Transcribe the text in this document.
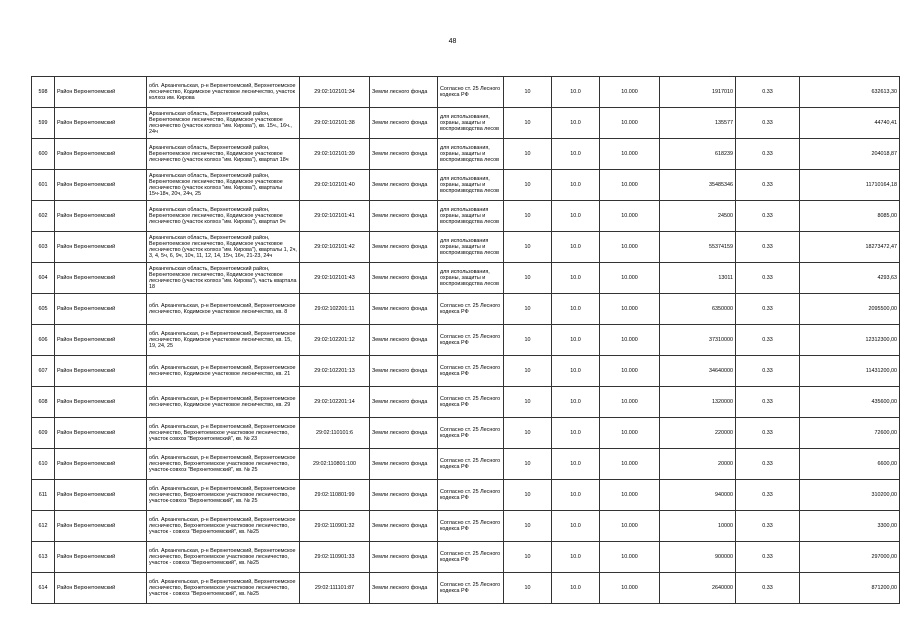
48
598	Район Верхнетоемский	обл. Архангельская, р-н Верхнетоемский, Верхнетоемское лесничество, Кодимское участковое лесничество, участок колхоз им. Кирова	29:02:102101:34	Земли лесного фонда	Согласно ст. 25 Лесного кодекса РФ	10	10.0	10.000	1917010	0.33	632613,30
599	Район Верхнетоемский	Архангельская область, Верхнетоемский район, Верхнетоемское лесничество, Кодимское участковое лесничество (участок колхоз "им. Кирова"), кв. 15ч., 16ч., 24ч	29:02:102101:38	Земли лесного фонда	для использования, охраны, защиты и воспроизводства лесов	10	10.0	10.000	135577	0.33	44740,41
600	Район Верхнетоемский	Архангельская область, Верхнетоемский район, Верхнетоемское лесничество, Кодимское участковое лесничество (участок колхоз "им. Кирова"), квартал 18ч	29:02:102101:39	Земли лесного фонда	для использования, охраны, защиты и воспроизводства лесов	10	10.0	10.000	618239	0.33	204018,87
601	Район Верхнетоемский	Архангельская область, Верхнетоемский район, Верхнетоемское лесничество, Кодимское участковое лесничество (участок колхоз "им. Кирова"), кварталы 15ч-18ч, 20ч, 24ч, 25	29:02:102101:40	Земли лесного фонда	для использования, охраны, защиты и воспроизводства лесов	10	10.0	10.000	35485346	0.33	11710164,18
602	Район Верхнетоемский	Архангельская область, Верхнетоемский район, Верхнетоемское лесничество, Кодимское участковое лесничество (участок колхоз "им. Кирова"), квартал 9ч	29:02:102101:41	Земли лесного фонда	для использования охраны, защиты и воспроизводства лесов	10	10.0	10.000	24500	0.33	8085,00
603	Район Верхнетоемский	Архангельская область, Верхнетоемский район, Верхнетоемское лесничество, Кодимское участковое лесничество (участок колхоз "им. Кирова"), кварталы 1, 2ч, 3, 4, 5ч, 6, 9ч, 10ч, 11, 12, 14, 15ч, 16ч, 21-23, 24ч	29:02:102101:42	Земли лесного фонда	для использования охраны, защиты и воспроизводства лесов	10	10.0	10.000	55374159	0.33	18273472,47
604	Район Верхнетоемский	Архангельская область, Верхнетоемский район, Верхнетоемское лесничество, Кодимское участковое лесничество (участок колхоз "им. Кирова"), часть квартала 18	29:02:102101:43	Земли лесного фонда	для использования, охраны, защиты и воспроизводства лесов	10	10.0	10.000	13011	0.33	4293,63
605	Район Верхнетоемский	обл. Архангельская, р-н Верхнетоемский, Верхнетоемское лесничество, Кодимское участковое лесничество, кв. 8	29:02:102201:11	Земли лесного фонда	Согласно ст. 25 Лесного кодекса РФ	10	10.0	10.000	6350000	0.33	2095500,00
606	Район Верхнетоемский	обл. Архангельская, р-н Верхнетоемский, Верхнетоемское лесничество, Кодимское участковое лесничество, кв. 15, 19, 24, 25	29:02:102201:12	Земли лесного фонда	Согласно ст. 25 Лесного кодекса РФ	10	10.0	10.000	37310000	0.33	12312300,00
607	Район Верхнетоемский	обл. Архангельская, р-н Верхнетоемский, Верхнетоемское лесничество, Кодимское участковое лесничество, кв. 21	29:02:102201:13	Земли лесного фонда	Согласно ст. 25 Лесного кодекса РФ	10	10.0	10.000	34640000	0.33	11431200,00
608	Район Верхнетоемский	обл. Архангельская, р-н Верхнетоемский, Верхнетоемское лесничество, Кодимское участковое лесничество, кв. 29	29:02:102201:14	Земли лесного фонда	Согласно ст. 25 Лесного кодекса РФ	10	10.0	10.000	1320000	0.33	435600,00
609	Район Верхнетоемский	обл. Архангельская, р-н Верхнетоемский, Верхнетоемское лесничество, Верхнетоемское участковое лесничество, участок совхоз "Верхнетоемский", кв. № 23	29:02:110101:6	Земли лесного фонда	Согласно ст. 25 Лесного кодекса РФ	10	10.0	10.000	220000	0.33	72600,00
610	Район Верхнетоемский	обл. Архангельская, р-н Верхнетоемский, Верхнетоемское лесничество, Верхнетоемское участковое лесничество, участок-совхоз "Верхнетоемский", кв. № 25	29:02:110801:100	Земли лесного фонда	Согласно ст. 25 Лесного кодекса РФ	10	10.0	10.000	20000	0.33	6600,00
611	Район Верхнетоемский	обл. Архангельская, р-н Верхнетоемский, Верхнетоемское лесничество, Верхнетоемское участковое лесничество, участок-совхоз "Верхнетоемский", кв. № 25	29:02:110801:99	Земли лесного фонда	Согласно ст. 25 Лесного кодекса РФ	10	10.0	10.000	940000	0.33	310200,00
612	Район Верхнетоемский	обл. Архангельская, р-н Верхнетоемский, Верхнетоемское лесничество, Верхнетоемское участковое лесничество, участок - совхоз "Верхнетоемский", кв. №25	29:02:110901:32	Земли лесного фонда	Согласно ст. 25 Лесного кодекса РФ	10	10.0	10.000	10000	0.33	3300,00
613	Район Верхнетоемский	обл. Архангельская, р-н Верхнетоемский, Верхнетоемское лесничество, Верхнетоемское участковое лесничество, участок - совхоз "Верхнетоемский", кв. №25	29:02:110901:33	Земли лесного фонда	Согласно ст. 25 Лесного кодекса РФ	10	10.0	10.000	900000	0.33	297000,00
614	Район Верхнетоемский	обл. Архангельская, р-н Верхнетоемский, Верхнетоемское лесничество, Верхнетоемское участковое лесничество, участок - совхоз "Верхнетоемский", кв. №25	29:02:111101:87	Земли лесного фонда	Согласно ст. 25 Лесного кодекса РФ	10	10.0	10.000	2640000	0.33	871200,00
